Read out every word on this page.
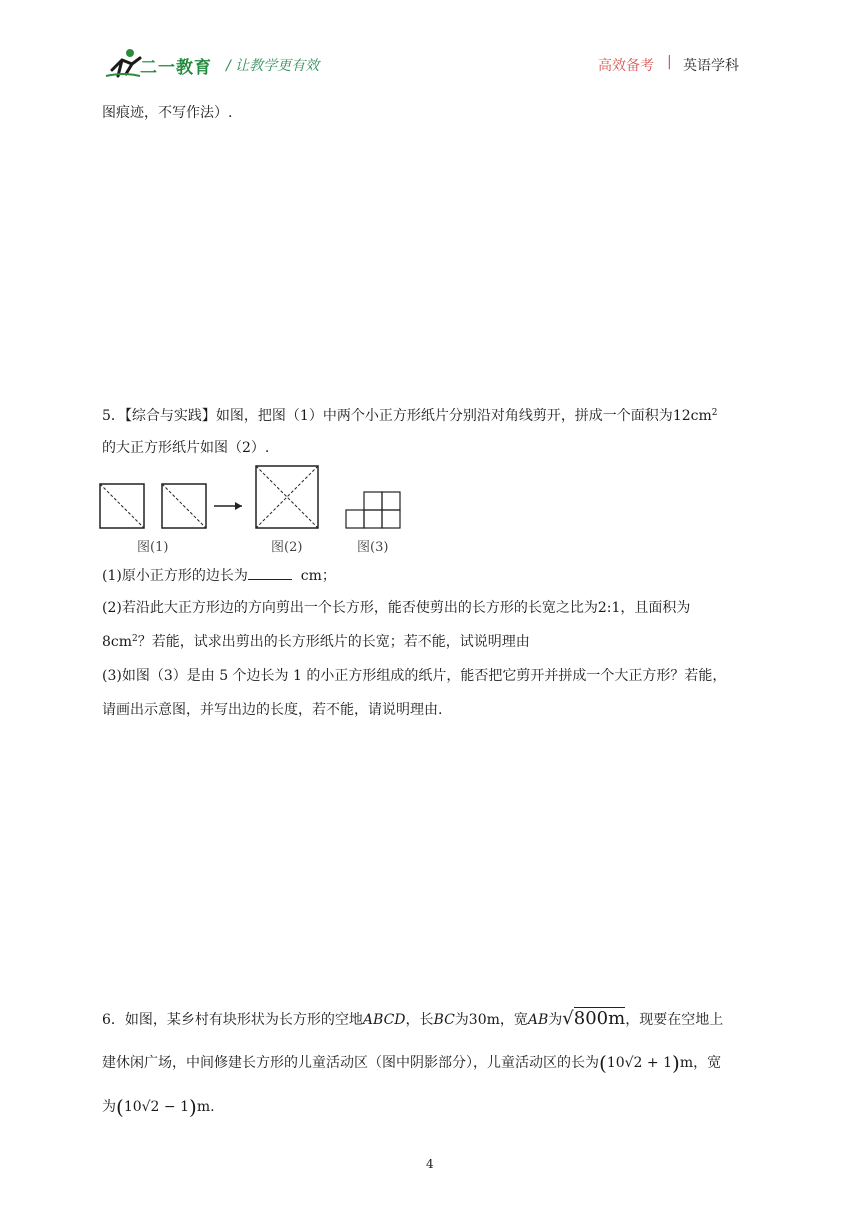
二一教育 / 让教学更有效	高效备考 | 英语学科
图痕迹，不写作法）.
5．【综合与实践】如图，把图（1）中两个小正方形纸片分别沿对角线剪开，拼成一个面积为$12cm^2$
的大正方形纸片如图（2）.
图(1)	图(2)	图(3)
(1)原小正方形的边长为	cm；
(2)若沿此大正方形边的方向剪出一个长方形，能否使剪出的长方形的长宽之比为2:1，且面积为
$8cm^2$？若能，试求出剪出的长方形纸片的长宽；若不能，试说明理由
(3)如图（3）是由 5 个边长为 1 的小正方形组成的纸片，能否把它剪开并拼成一个大正方形？若能，
请画出示意图，并写出边的长度，若不能，请说明理由.
6．如图，某乡村有块形状为长方形的空地ABCD，长BC为30m，宽AB为√800m，现要在空地上
建休闲广场，中间修建长方形的儿童活动区（图中阴影部分），儿童活动区的长为(10√2 + 1)m，宽
为(10√2 − 1)m.
4
